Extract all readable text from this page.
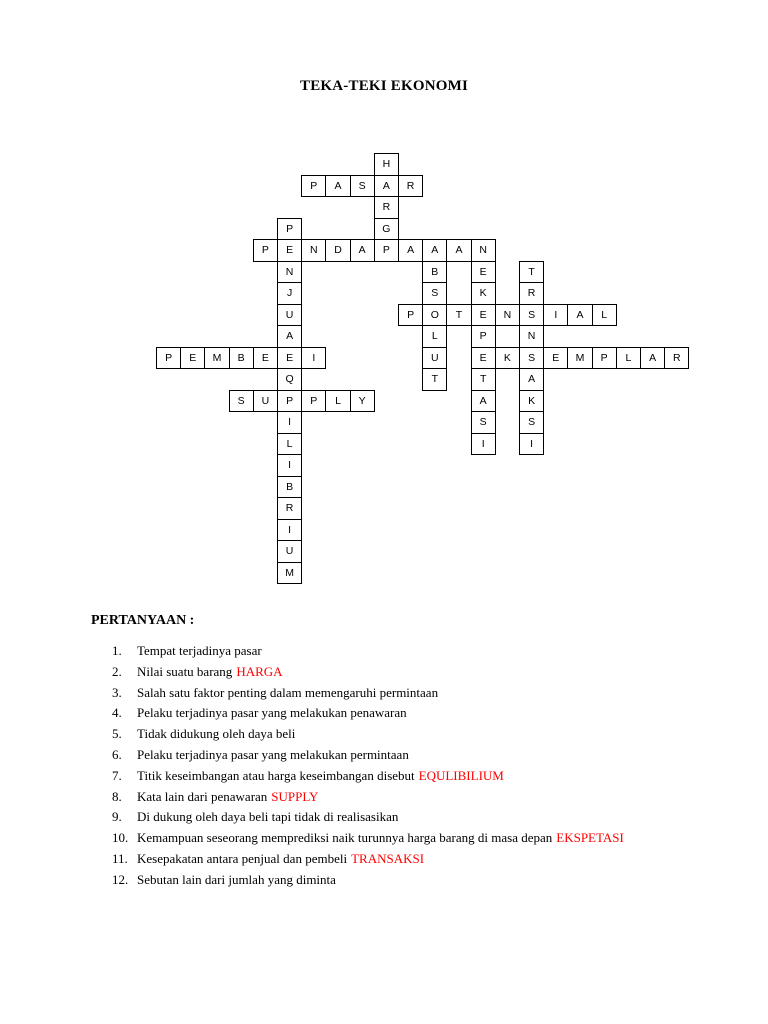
TEKA-TEKI EKONOMI
H
A
R
G
P
P	A	S	R
P
E
N
J
U
A
E
P	N	D	A	A	A	A	N
B
S
O
L
U
T
E
K
E
P
E
T
A
S
I
T
R
S
N
S
A
K
S
I
P	T	N	I	A	L
P	E	M	B	E	I	K	E	M	P	L	A	R
Q
P
I
L
I
B
R
I
U
M
S	U	P	L	Y
PERTANYAAN :
1.	Tempat terjadinya pasar
2.	Nilai suatu barang HARGA
3.	Salah satu faktor penting dalam memengaruhi permintaan
4.	Pelaku terjadinya pasar yang melakukan penawaran
5.	Tidak didukung oleh daya beli
6.	Pelaku terjadinya pasar yang melakukan permintaan
7.	Titik keseimbangan atau harga keseimbangan disebut EQULIBILIUM
8.	Kata lain dari penawaran SUPPLY
9.	Di dukung oleh daya beli tapi tidak di realisasikan
10. Kemampuan seseorang memprediksi naik turunnya harga barang di masa depan EKSPETASI
11. Kesepakatan antara penjual dan pembeli TRANSAKSI
12. Sebutan lain dari jumlah yang diminta
